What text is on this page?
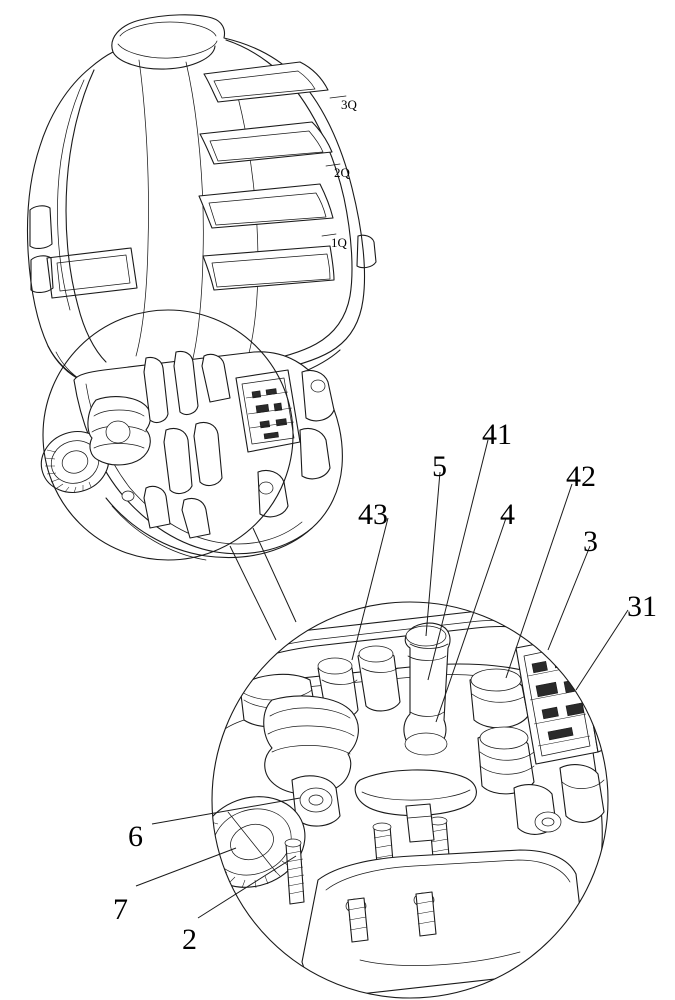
3Q
2Q
1Q
43
5
41
4
42
3
31
6
7
2
